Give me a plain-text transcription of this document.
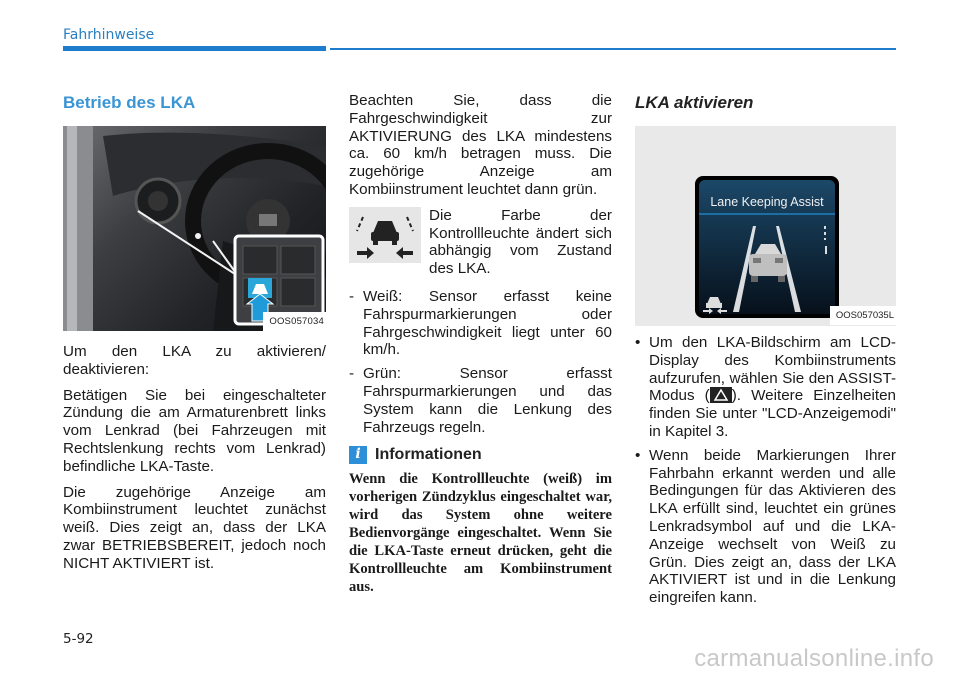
Fahrhinweise
Betrieb des LKA
OOS057034

Um den LKA zu aktivieren/ deaktivieren:

Betätigen Sie bei eingeschalteter Zündung die am Armaturenbrett links vom Lenkrad (bei Fahrzeugen mit Rechtslenkung rechts vom Lenkrad) befindliche LKA-Taste.

Die zugehörige Anzeige am Kombiinstrument leuchtet zunächst weiß. Dies zeigt an, dass der LKA zwar BETRIEBSBEREIT, jedoch noch NICHT AKTIVIERT ist.

Beachten Sie, dass die Fahrgeschwindigkeit zur AKTIVIERUNG des LKA mindestens ca. 60 km/h betragen muss. Die zugehörige Anzeige am Kombiinstrument leuchtet dann grün.

Die Farbe der Kontrollleuchte ändert sich abhängig vom Zustand des LKA.
- Weiß: Sensor erfasst keine Fahrspurmarkierungen oder Fahrgeschwindigkeit liegt unter 60 km/h.
- Grün: Sensor erfasst Fahrspurmarkierungen und das System kann die Lenkung des Fahrzeugs regeln.
i Informationen
Wenn die Kontrollleuchte (weiß) im vorherigen Zündzyklus eingeschaltet war, wird das System ohne weitere Bedienvorgänge eingeschaltet. Wenn Sie die LKA-Taste erneut drücken, geht die Kontrollleuchte am Kombiinstrument aus.
LKA aktivieren
Lane Keeping Assist
OOS057035L
• Um den LKA-Bildschirm am LCD-Display des Kombiinstruments aufzurufen, wählen Sie den ASSIST-Modus ( ). Weitere Einzelheiten finden Sie unter "LCD-Anzeigemodi" in Kapitel 3.
• Wenn beide Markierungen Ihrer Fahrbahn erkannt werden und alle Bedingungen für das Aktivieren des LKA erfüllt sind, leuchtet ein grünes Lenkradsymbol auf und die LKA-Anzeige wechselt von Weiß zu Grün. Dies zeigt an, dass der LKA AKTIVIERT ist und in die Lenkung eingreifen kann.
5-92
carmanualsonline.info
